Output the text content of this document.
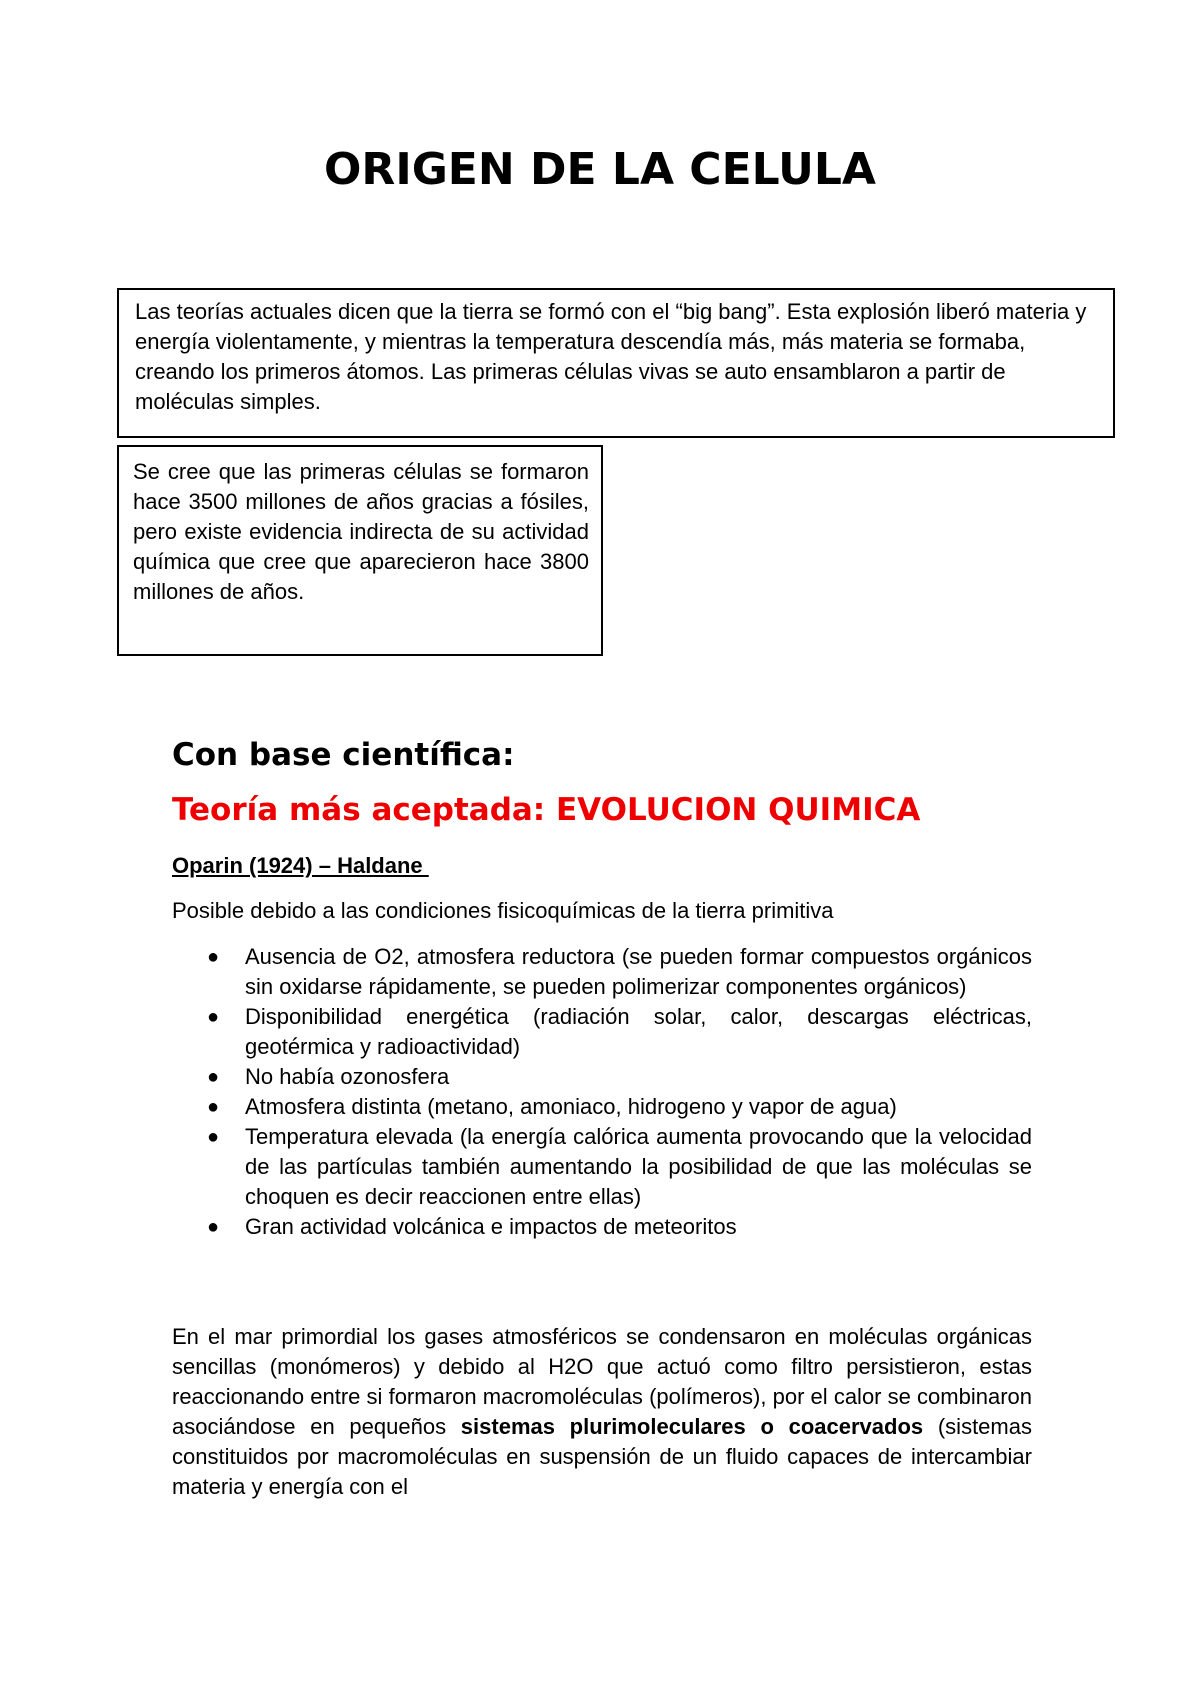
ORIGEN DE LA CELULA

Las teorías actuales dicen que la tierra se formó con el “big bang”. Esta explosión liberó materia y energía violentamente, y mientras la temperatura descendía más, más materia se formaba, creando los primeros átomos. Las primeras células vivas se auto ensamblaron a partir de moléculas simples.

Se cree que las primeras células se formaron hace 3500 millones de años gracias a fósiles, pero existe evidencia indirecta de su actividad química que cree que aparecieron hace 3800 millones de años.

Con base científica:
Teoría más aceptada: EVOLUCION QUIMICA

Oparin (1924) – Haldane

Posible debido a las condiciones fisicoquímicas de la tierra primitiva

● Ausencia de O2, atmosfera reductora (se pueden formar compuestos orgánicos sin oxidarse rápidamente, se pueden polimerizar componentes orgánicos)
● Disponibilidad energética (radiación solar, calor, descargas eléctricas, geotérmica y radioactividad)
● No había ozonosfera
● Atmosfera distinta (metano, amoniaco, hidrogeno y vapor de agua)
● Temperatura elevada (la energía calórica aumenta provocando que la velocidad de las partículas también aumentando la posibilidad de que las moléculas se choquen es decir reaccionen entre ellas)
● Gran actividad volcánica e impactos de meteoritos

En el mar primordial los gases atmosféricos se condensaron en moléculas orgánicas sencillas (monómeros) y debido al H2O que actuó como filtro persistieron, estas reaccionando entre si formaron macromoléculas (polímeros), por el calor se combinaron asociándose en pequeños sistemas plurimoleculares o coacervados (sistemas constituidos por macromoléculas en suspensión de un fluido capaces de intercambiar materia y energía con el
